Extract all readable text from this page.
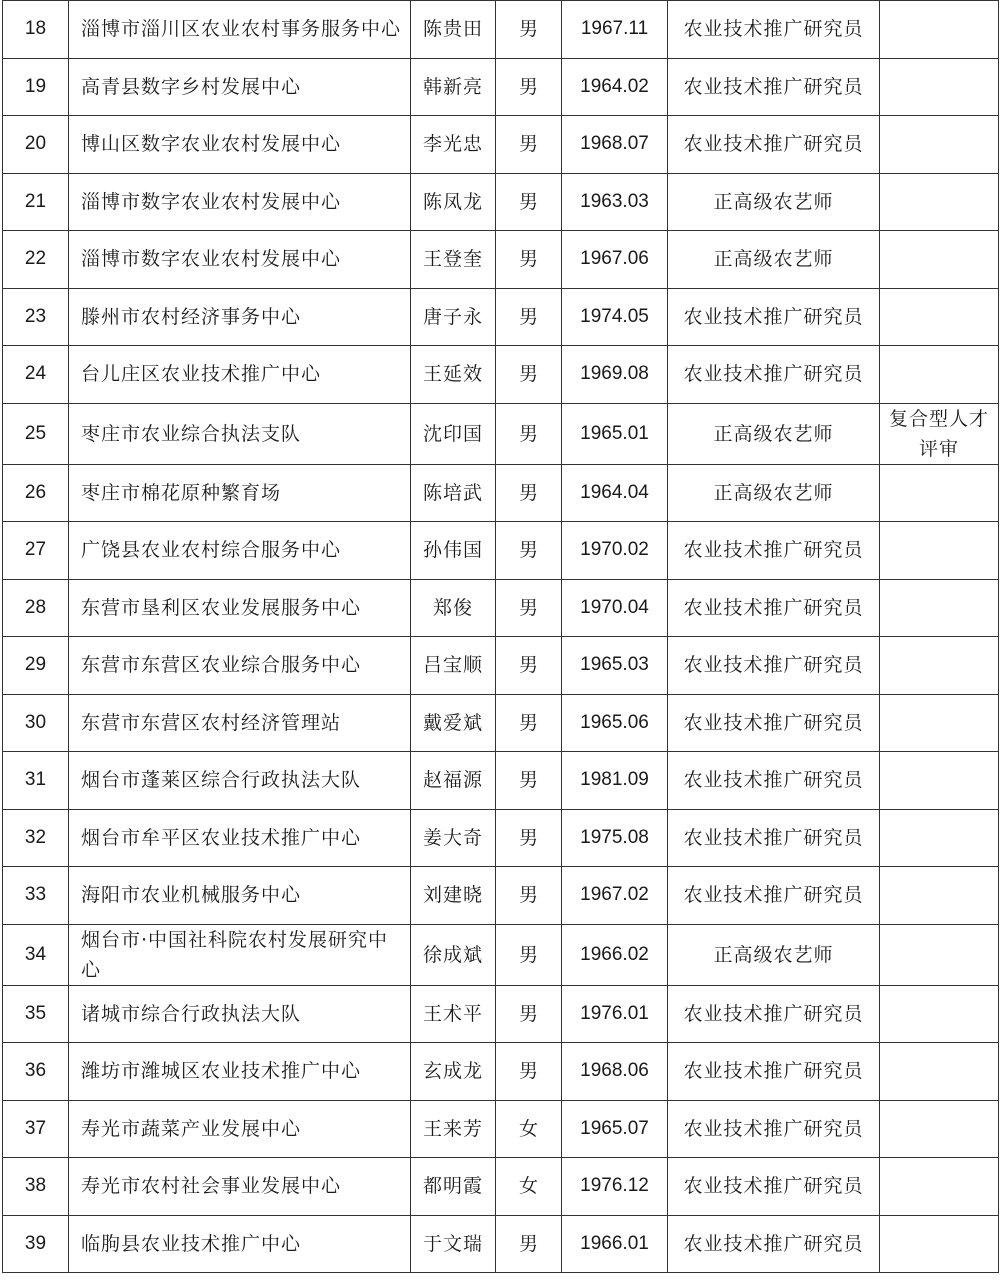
18	淄博市淄川区农业农村事务服务中心	陈贵田	男	1967.11	农业技术推广研究员	
19	高青县数字乡村发展中心	韩新亮	男	1964.02	农业技术推广研究员	
20	博山区数字农业农村发展中心	李光忠	男	1968.07	农业技术推广研究员	
21	淄博市数字农业农村发展中心	陈凤龙	男	1963.03	正高级农艺师	
22	淄博市数字农业农村发展中心	王登奎	男	1967.06	正高级农艺师	
23	滕州市农村经济事务中心	唐子永	男	1974.05	农业技术推广研究员	
24	台儿庄区农业技术推广中心	王延效	男	1969.08	农业技术推广研究员	
25	枣庄市农业综合执法支队	沈印国	男	1965.01	正高级农艺师	复合型人才评审
26	枣庄市棉花原种繁育场	陈培武	男	1964.04	正高级农艺师	
27	广饶县农业农村综合服务中心	孙伟国	男	1970.02	农业技术推广研究员	
28	东营市垦利区农业发展服务中心	郑俊	男	1970.04	农业技术推广研究员	
29	东营市东营区农业综合服务中心	吕宝顺	男	1965.03	农业技术推广研究员	
30	东营市东营区农村经济管理站	戴爱斌	男	1965.06	农业技术推广研究员	
31	烟台市蓬莱区综合行政执法大队	赵福源	男	1981.09	农业技术推广研究员	
32	烟台市牟平区农业技术推广中心	姜大奇	男	1975.08	农业技术推广研究员	
33	海阳市农业机械服务中心	刘建晓	男	1967.02	农业技术推广研究员	
34	烟台市·中国社科院农村发展研究中心	徐成斌	男	1966.02	正高级农艺师	
35	诸城市综合行政执法大队	王术平	男	1976.01	农业技术推广研究员	
36	潍坊市潍城区农业技术推广中心	玄成龙	男	1968.06	农业技术推广研究员	
37	寿光市蔬菜产业发展中心	王来芳	女	1965.07	农业技术推广研究员	
38	寿光市农村社会事业发展中心	都明霞	女	1976.12	农业技术推广研究员	
39	临朐县农业技术推广中心	于文瑞	男	1966.01	农业技术推广研究员	
